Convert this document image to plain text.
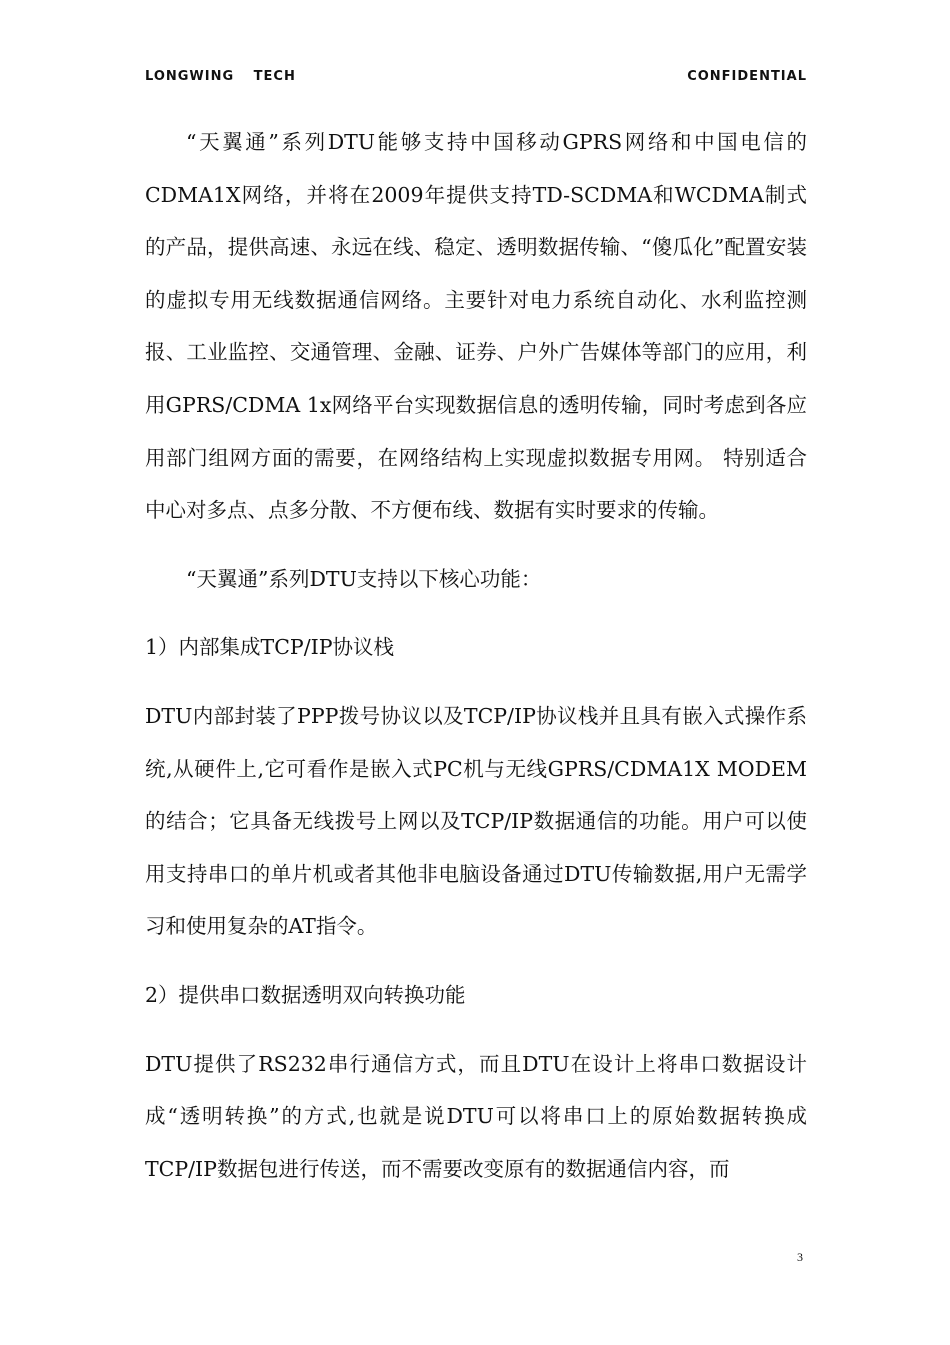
LONGWING TECH	CONFIDENTIAL

“天翼通”系列DTU能够支持中国移动GPRS网络和中国电信的CDMA1X网络，并将在2009年提供支持TD-SCDMA和WCDMA制式的产品，提供高速、永远在线、稳定、透明数据传输、“傻瓜化”配置安装的虚拟专用无线数据通信网络。主要针对电力系统自动化、水利监控测报、工业监控、交通管理、金融、证券、户外广告媒体等部门的应用，利用GPRS/CDMA 1x网络平台实现数据信息的透明传输，同时考虑到各应用部门组网方面的需要，在网络结构上实现虚拟数据专用网。 特别适合中心对多点、点多分散、不方便布线、数据有实时要求的传输。

“天翼通”系列DTU支持以下核心功能：

1）内部集成TCP/IP协议栈

DTU内部封装了PPP拨号协议以及TCP/IP协议栈并且具有嵌入式操作系统,从硬件上,它可看作是嵌入式PC机与无线GPRS/CDMA1X MODEM的结合；它具备无线拨号上网以及TCP/IP数据通信的功能。用户可以使用支持串口的单片机或者其他非电脑设备通过DTU传输数据,用户无需学习和使用复杂的AT指令。

2）提供串口数据透明双向转换功能

DTU提供了RS232串行通信方式，而且DTU在设计上将串口数据设计成“透明转换”的方式,也就是说DTU可以将串口上的原始数据转换成TCP/IP数据包进行传送，而不需要改变原有的数据通信内容，而

3
